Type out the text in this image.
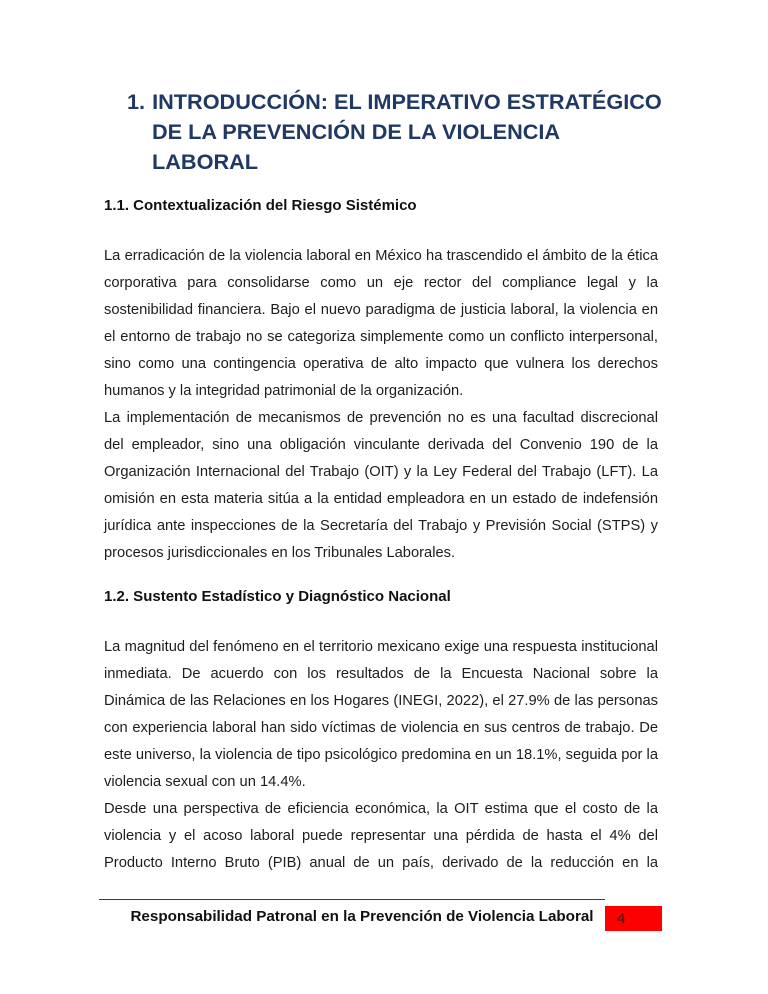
1. INTRODUCCIÓN: EL IMPERATIVO ESTRATÉGICO
DE LA PREVENCIÓN DE LA VIOLENCIA
LABORAL
1.1. Contextualización del Riesgo Sistémico

La erradicación de la violencia laboral en México ha trascendido el ámbito de la ética corporativa para consolidarse como un eje rector del compliance legal y la sostenibilidad financiera. Bajo el nuevo paradigma de justicia laboral, la violencia en el entorno de trabajo no se categoriza simplemente como un conflicto interpersonal, sino como una contingencia operativa de alto impacto que vulnera los derechos humanos y la integridad patrimonial de la organización.

La implementación de mecanismos de prevención no es una facultad discrecional del empleador, sino una obligación vinculante derivada del Convenio 190 de la Organización Internacional del Trabajo (OIT) y la Ley Federal del Trabajo (LFT). La omisión en esta materia sitúa a la entidad empleadora en un estado de indefensión jurídica ante inspecciones de la Secretaría del Trabajo y Previsión Social (STPS) y procesos jurisdiccionales en los Tribunales Laborales.

1.2. Sustento Estadístico y Diagnóstico Nacional

La magnitud del fenómeno en el territorio mexicano exige una respuesta institucional inmediata. De acuerdo con los resultados de la Encuesta Nacional sobre la Dinámica de las Relaciones en los Hogares (INEGI, 2022), el 27.9% de las personas con experiencia laboral han sido víctimas de violencia en sus centros de trabajo. De este universo, la violencia de tipo psicológico predomina en un 18.1%, seguida por la violencia sexual con un 14.4%.

Desde una perspectiva de eficiencia económica, la OIT estima que el costo de la violencia y el acoso laboral puede representar una pérdida de hasta el 4% del Producto Interno Bruto (PIB) anual de un país, derivado de la reducción en la

Responsabilidad Patronal en la Prevención de Violencia Laboral	4
